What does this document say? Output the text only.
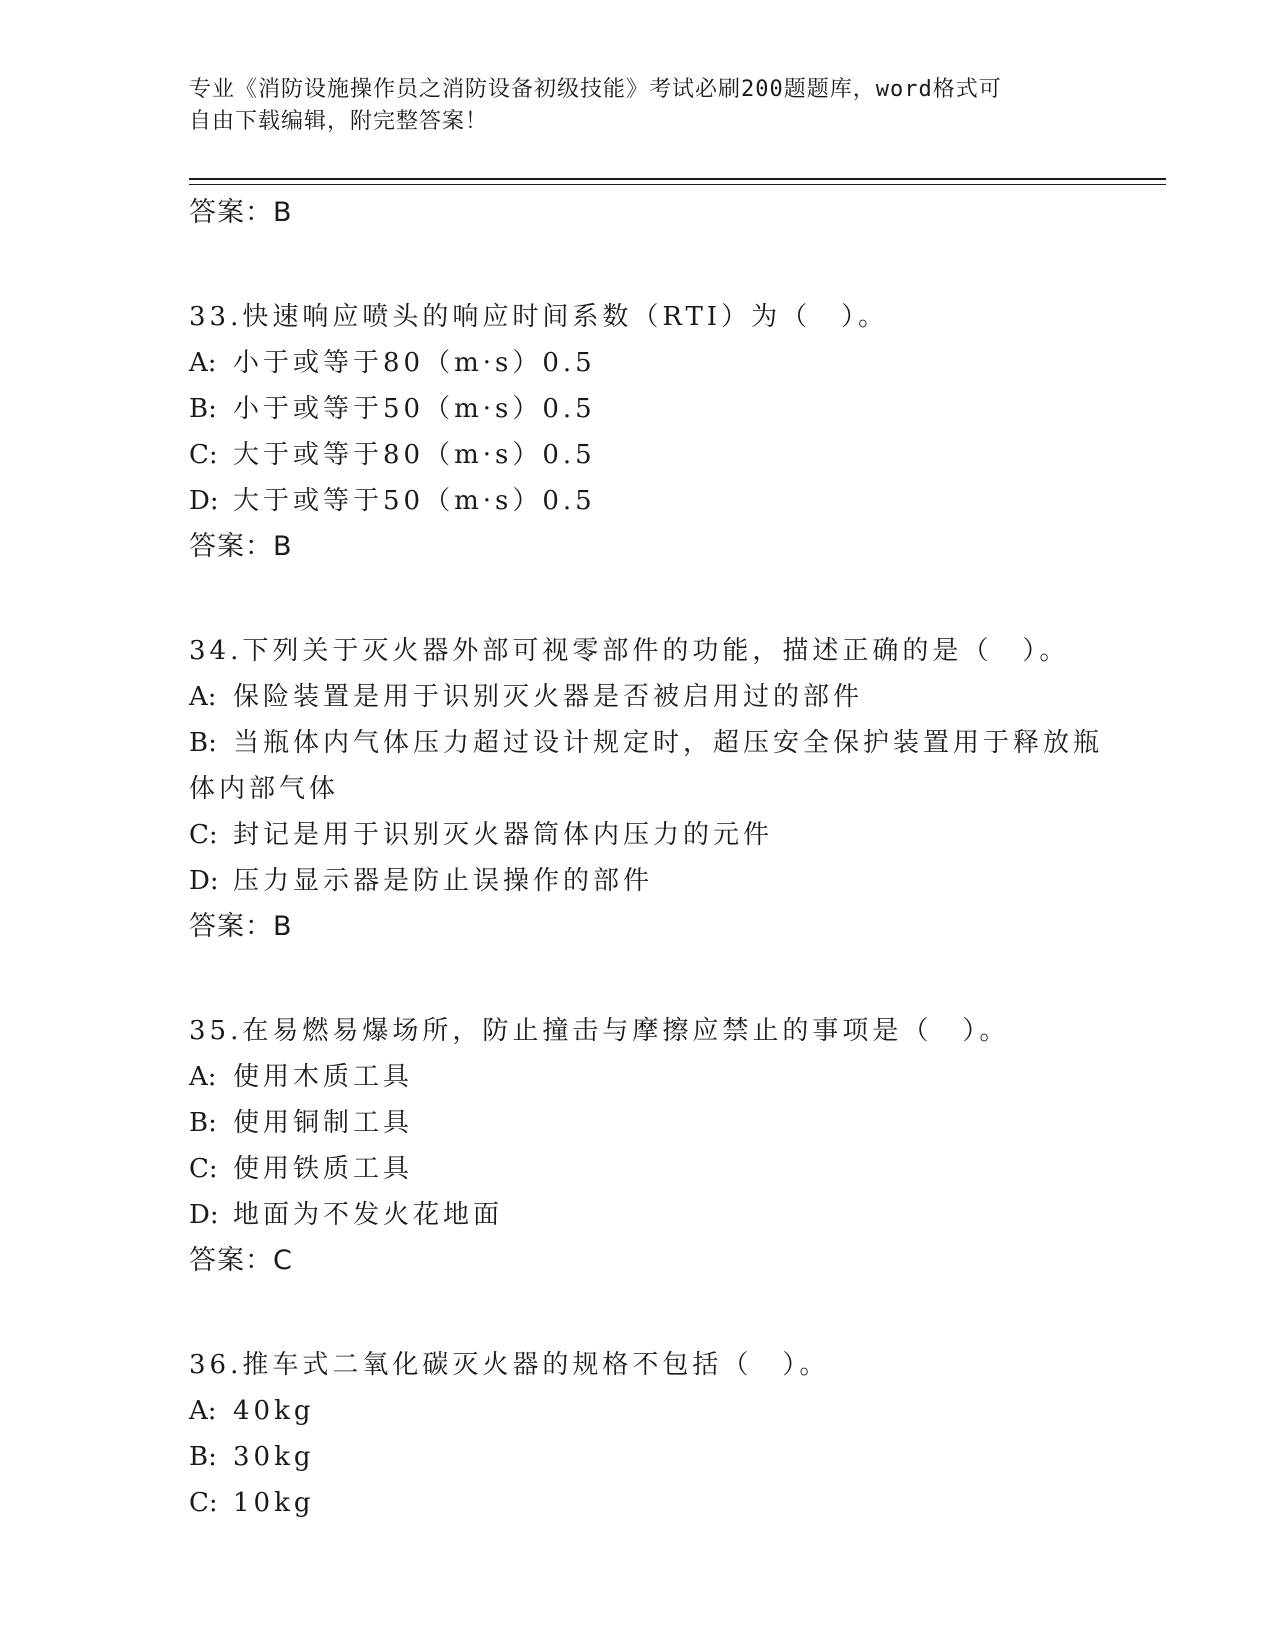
专业《消防设施操作员之消防设备初级技能》考试必刷200题题库，word格式可
自由下载编辑，附完整答案！
答案：B
33.快速响应喷头的响应时间系数（RTI）为（　）。
A: 小于或等于80（m·s）0.5
B: 小于或等于50（m·s）0.5
C: 大于或等于80（m·s）0.5
D: 大于或等于50（m·s）0.5
答案：B
34.下列关于灭火器外部可视零部件的功能，描述正确的是（　）。
A: 保险装置是用于识别灭火器是否被启用过的部件
B: 当瓶体内气体压力超过设计规定时，超压安全保护装置用于释放瓶
体内部气体
C: 封记是用于识别灭火器筒体内压力的元件
D: 压力显示器是防止误操作的部件
答案：B
35.在易燃易爆场所，防止撞击与摩擦应禁止的事项是（　）。
A: 使用木质工具
B: 使用铜制工具
C: 使用铁质工具
D: 地面为不发火花地面
答案：C
36.推车式二氧化碳灭火器的规格不包括（　）。
A: 40kg
B: 30kg
C: 10kg
